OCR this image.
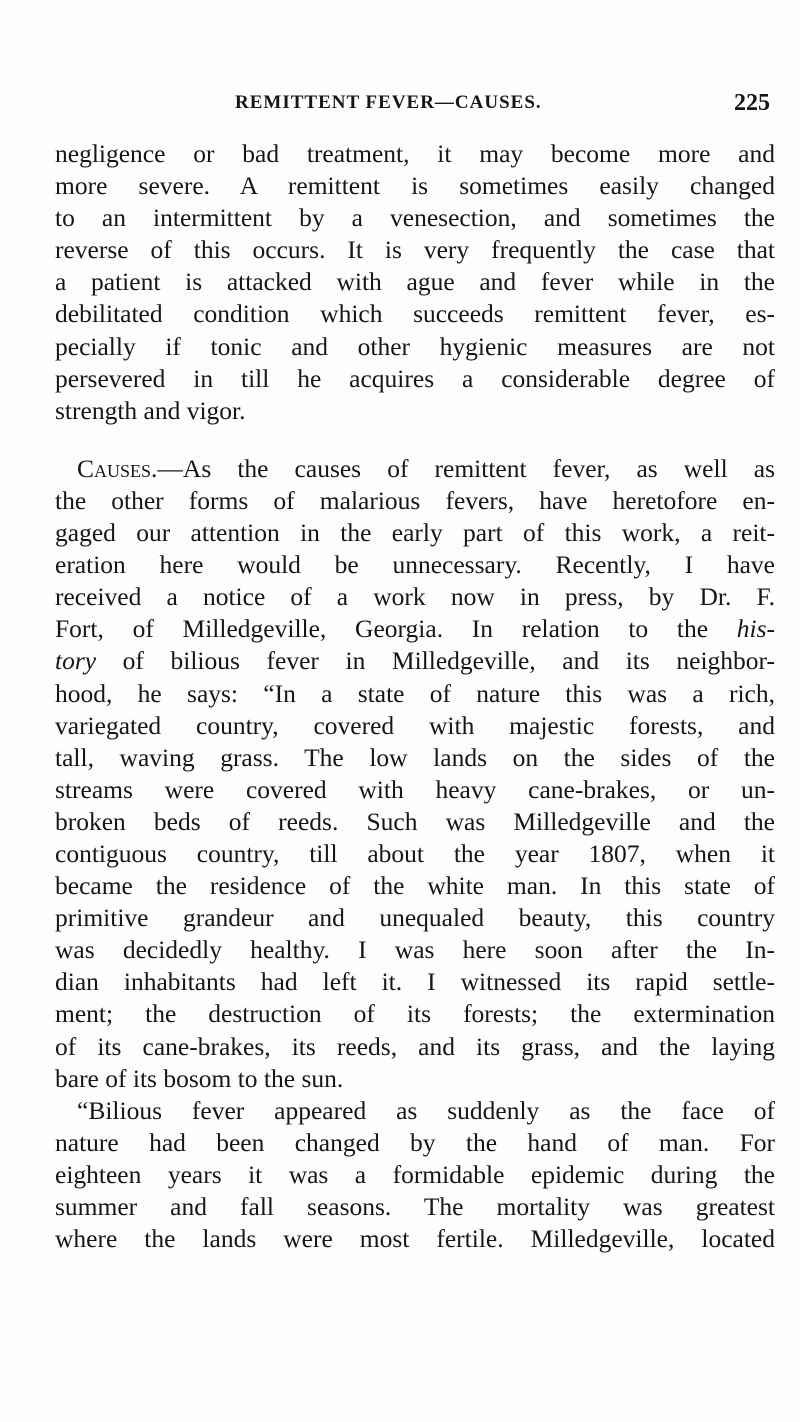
REMITTENT FEVER—CAUSES.	225
negligence or bad treatment, it may become more and
more severe. A remittent is sometimes easily changed
to an intermittent by a venesection, and sometimes the
reverse of this occurs. It is very frequently the case that
a patient is attacked with ague and fever while in the
debilitated condition which succeeds remittent fever, es-
pecially if tonic and other hygienic measures are not
persevered in till he acquires a considerable degree of
strength and vigor.
Causes.—As the causes of remittent fever, as well as
the other forms of malarious fevers, have heretofore en-
gaged our attention in the early part of this work, a reit-
eration here would be unnecessary. Recently, I have
received a notice of a work now in press, by Dr. F.
Fort, of Milledgeville, Georgia. In relation to the his-
tory of bilious fever in Milledgeville, and its neighbor-
hood, he says: “In a state of nature this was a rich,
variegated country, covered with majestic forests, and
tall, waving grass. The low lands on the sides of the
streams were covered with heavy cane-brakes, or un-
broken beds of reeds. Such was Milledgeville and the
contiguous country, till about the year 1807, when it
became the residence of the white man. In this state of
primitive grandeur and unequaled beauty, this country
was decidedly healthy. I was here soon after the In-
dian inhabitants had left it. I witnessed its rapid settle-
ment; the destruction of its forests; the extermination
of its cane-brakes, its reeds, and its grass, and the laying
bare of its bosom to the sun.
“Bilious fever appeared as suddenly as the face of
nature had been changed by the hand of man. For
eighteen years it was a formidable epidemic during the
summer and fall seasons. The mortality was greatest
where the lands were most fertile. Milledgeville, located
